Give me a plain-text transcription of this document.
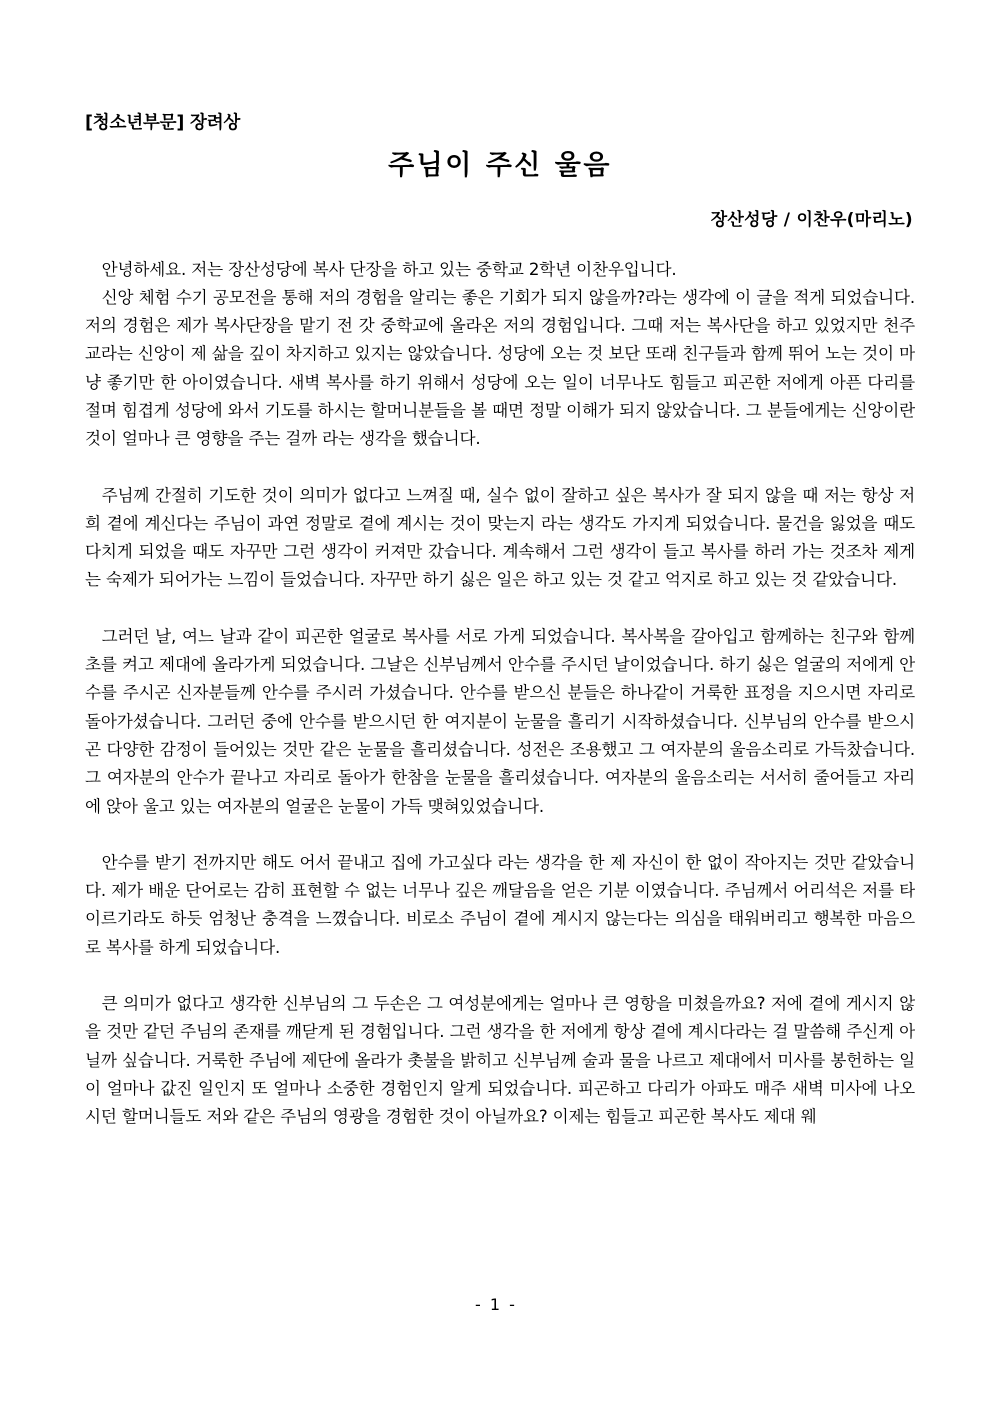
[청소년부문] 장려상
주님이 주신 울음
장산성당 / 이찬우(마리노)

안녕하세요. 저는 장산성당에 복사 단장을 하고 있는 중학교 2학년 이찬우입니다.

신앙 체험 수기 공모전을 통해 저의 경험을 알리는 좋은 기회가 되지 않을까?라는 생각에 이 글을 적게 되었습니다. 저의 경험은 제가 복사단장을 맡기 전 갓 중학교에 올라온 저의 경험입니다. 그때 저는 복사단을 하고 있었지만 천주교라는 신앙이 제 삶을 깊이 차지하고 있지는 않았습니다. 성당에 오는 것 보단 또래 친구들과 함께 뛰어 노는 것이 마냥 좋기만 한 아이였습니다. 새벽 복사를 하기 위해서 성당에 오는 일이 너무나도 힘들고 피곤한 저에게 아픈 다리를 절며 힘겹게 성당에 와서 기도를 하시는 할머니분들을 볼 때면 정말 이해가 되지 않았습니다. 그 분들에게는 신앙이란 것이 얼마나 큰 영향을 주는 걸까 라는 생각을 했습니다.

주님께 간절히 기도한 것이 의미가 없다고 느껴질 때, 실수 없이 잘하고 싶은 복사가 잘 되지 않을 때 저는 항상 저희 곁에 계신다는 주님이 과연 정말로 곁에 계시는 것이 맞는지 라는 생각도 가지게 되었습니다. 물건을 잃었을 때도 다치게 되었을 때도 자꾸만 그런 생각이 커져만 갔습니다. 계속해서 그런 생각이 들고 복사를 하러 가는 것조차 제게는 숙제가 되어가는 느낌이 들었습니다. 자꾸만 하기 싫은 일은 하고 있는 것 같고 억지로 하고 있는 것 같았습니다.

그러던 날, 여느 날과 같이 피곤한 얼굴로 복사를 서로 가게 되었습니다. 복사복을 갈아입고 함께하는 친구와 함께 초를 켜고 제대에 올라가게 되었습니다. 그날은 신부님께서 안수를 주시던 날이었습니다. 하기 싫은 얼굴의 저에게 안수를 주시곤 신자분들께 안수를 주시러 가셨습니다. 안수를 받으신 분들은 하나같이 거룩한 표정을 지으시면 자리로 돌아가셨습니다. 그러던 중에 안수를 받으시던 한 여지분이 눈물을 흘리기 시작하셨습니다. 신부님의 안수를 받으시곤 다양한 감정이 들어있는 것만 같은 눈물을 흘리셨습니다. 성전은 조용했고 그 여자분의 울음소리로 가득찼습니다. 그 여자분의 안수가 끝나고 자리로 돌아가 한참을 눈물을 흘리셨습니다. 여자분의 울음소리는 서서히 줄어들고 자리에 앉아 울고 있는 여자분의 얼굴은 눈물이 가득 맺혀있었습니다.

안수를 받기 전까지만 해도 어서 끝내고 집에 가고싶다 라는 생각을 한 제 자신이 한 없이 작아지는 것만 같았습니다. 제가 배운 단어로는 감히 표현할 수 없는 너무나 깊은 깨달음을 얻은 기분 이였습니다. 주님께서 어리석은 저를 타이르기라도 하듯 엄청난 충격을 느꼈습니다. 비로소 주님이 곁에 계시지 않는다는 의심을 태워버리고 행복한 마음으로 복사를 하게 되었습니다.

큰 의미가 없다고 생각한 신부님의 그 두손은 그 여성분에게는 얼마나 큰 영항을 미쳤을까요? 저에 곁에 게시지 않을 것만 같던 주님의 존재를 깨닫게 된 경험입니다. 그런 생각을 한 저에게 항상 곁에 계시다라는 걸 말씀해 주신게 아닐까 싶습니다. 거룩한 주님에 제단에 올라가 촛불을 밝히고 신부님께 술과 물을 나르고 제대에서 미사를 봉헌하는 일이 얼마나 값진 일인지 또 얼마나 소중한 경험인지 알게 되었습니다. 피곤하고 다리가 아파도 매주 새벽 미사에 나오시던 할머니들도 저와 같은 주님의 영광을 경험한 것이 아닐까요? 이제는 힘들고 피곤한 복사도 제대 웨

- 1 -
